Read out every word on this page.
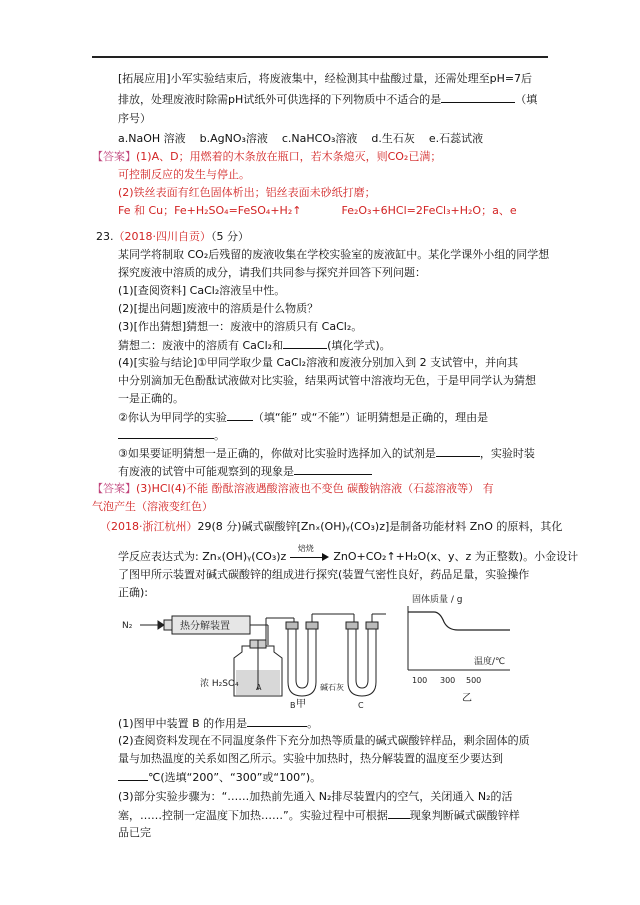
[拓展应用]小军实验结束后，将废液集中，经检测其中盐酸过量，还需处理至pH=7后
排放，处理废液时除需pH试纸外可供选择的下列物质中不适合的是	（填
序号）
a.NaOH 溶液    b.AgNO₃溶液    c.NaHCO₃溶液    d.生石灰    e.石蕊试液
【答案】(1)A、D；用燃着的木条放在瓶口，若木条熄灭，则CO₂已满；
可控制反应的发生与停止。
(2)铁丝表面有红色固体析出；铝丝表面未砂纸打磨；
Fe 和 Cu；Fe+H₂SO₄=FeSO₄+H₂↑	Fe₂O₃+6HCl=2FeCl₃+H₂O；a、e
23.（2018·四川自贡）（5 分）
某同学将制取 CO₂后残留的废液收集在学校实验室的废液缸中。某化学课外小组的同学想
探究废液中溶质的成分，请我们共同参与探究并回答下列问题：
(1)[查阅资料] CaCl₂溶液呈中性。
(2)[提出问题]废液中的溶质是什么物质？
(3)[作出猜想]猜想一：废液中的溶质只有 CaCl₂。
猜想二：废液中的溶质有 CaCl₂和	(填化学式)。
(4)[实验与结论]①甲同学取少量 CaCl₂溶液和废液分别加入到 2 支试管中，并向其
中分别滴加无色酚酞试液做对比实验，结果两试管中溶液均无色，于是甲同学认为猜想
一是正确的。
②你认为甲同学的实验 （填“能” 或“不能”）证明猜想是正确的，理由是
。
③如果要证明猜想一是正确的，你做对比实验时选择加入的试剂是	，实验时装
有废液的试管中可能观察到的现象是
【答案】(3)HCl(4)不能 酚酞溶液遇酸溶液也不变色 碳酸钠溶液（石蕊溶液等） 有
气泡产生（溶液变红色）
（2018·浙江杭州）29(8 分)碱式碳酸锌[Znₓ(OH)ᵧ(CO₃)z]是制备功能材料 ZnO 的原料，其化
学反应表达式为: Znₓ(OH)ᵧ(CO₃)z
焙烧
ZnO+CO₂↑+H₂O(x、y、z 为正整数)。小金设计
了图甲所示装置对碱式碳酸锌的组成进行探究(装置气密性良好，药品足量，实验操作
正确):
N₂	热分解装置
浓 H₂SO₄ A
B	C
碱石灰
固体质量 / g
温度/℃
100 300 500
甲
乙
(1)图甲中装置 B 的作用是	。
(2)查阅资料发现在不同温度条件下充分加热等质量的碱式碳酸锌样品，剩余固体的质
量与加热温度的关系如图乙所示。实验中加热时，热分解装置的温度至少要达到
℃(选填“200”、“300”或“100”)。
(3)部分实验步骤为：“……加热前先通入 N₂排尽装置内的空气，关闭通入 N₂的活
塞，……控制一定温度下加热……”。实验过程中可根据 现象判断碱式碳酸锌样
品已完
